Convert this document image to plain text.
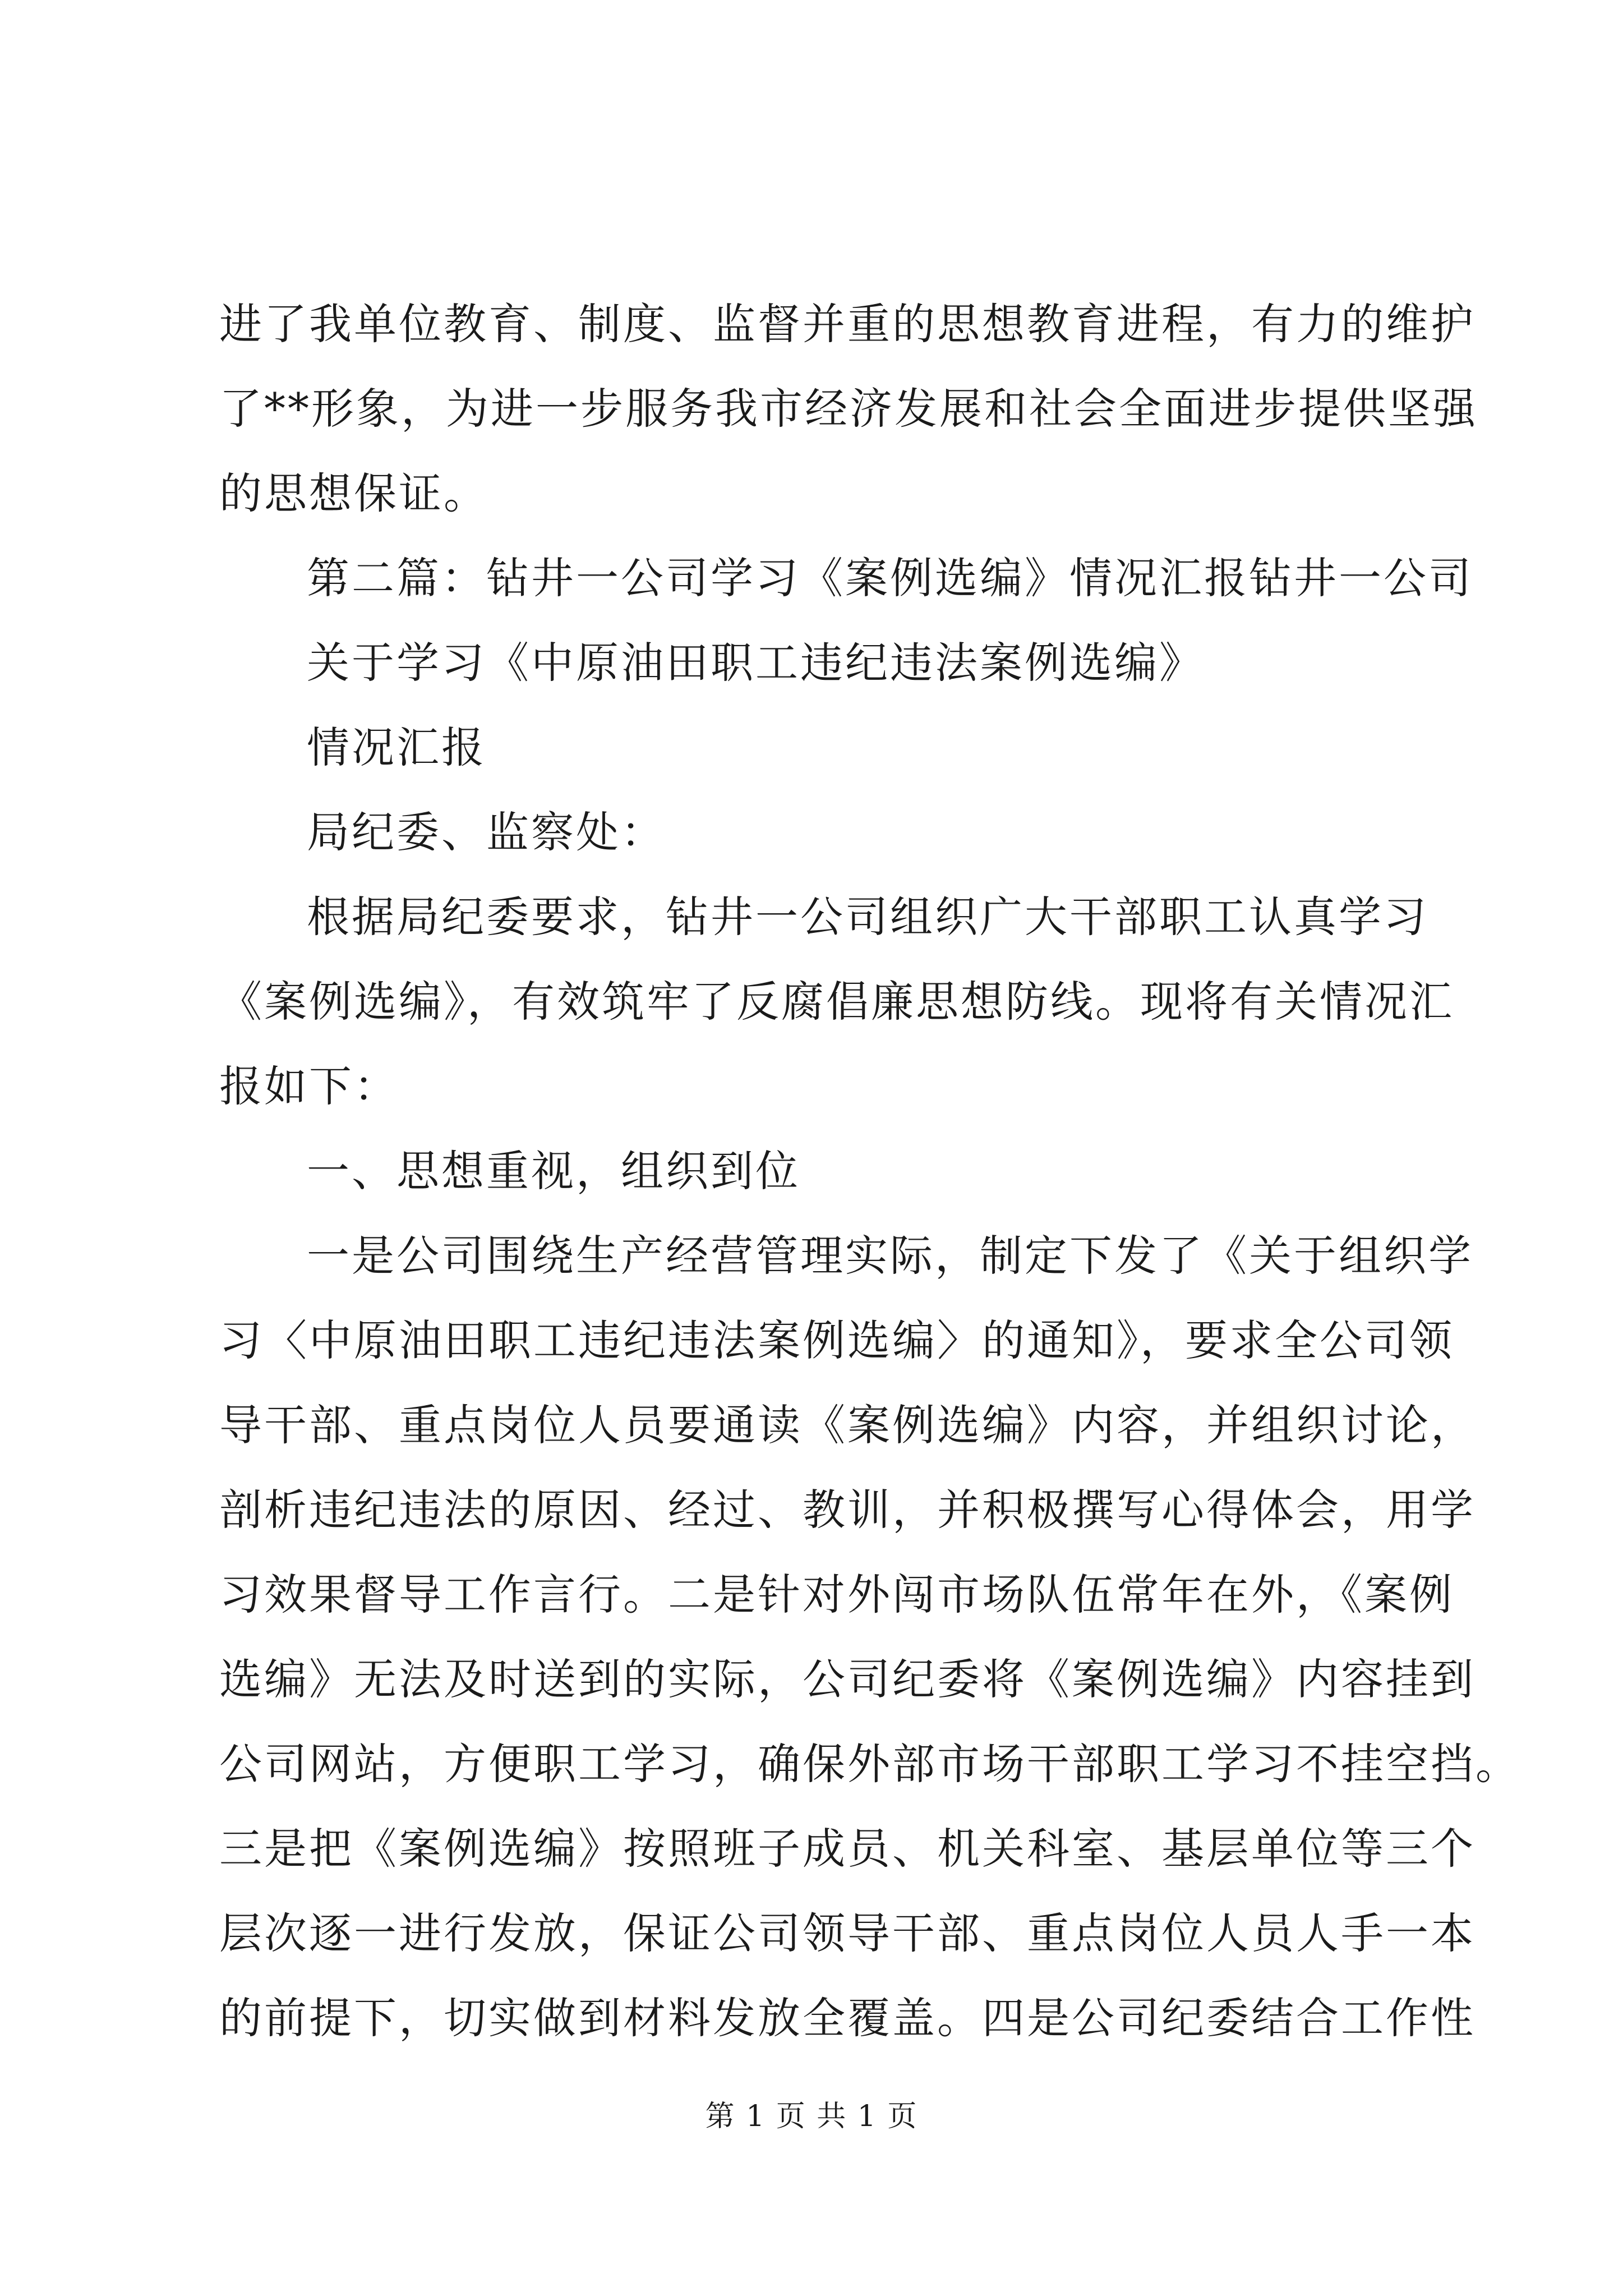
进了我单位教育、制度、监督并重的思想教育进程，有力的维护
了**形象，为进一步服务我市经济发展和社会全面进步提供坚强
的思想保证。
第二篇：钻井一公司学习《案例选编》情况汇报钻井一公司
关于学习《中原油田职工违纪违法案例选编》
情况汇报
局纪委、监察处：
根据局纪委要求，钻井一公司组织广大干部职工认真学习
《案例选编》，有效筑牢了反腐倡廉思想防线。现将有关情况汇
报如下：
一、思想重视，组织到位
一是公司围绕生产经营管理实际，制定下发了《关于组织学
习〈中原油田职工违纪违法案例选编〉的通知》，要求全公司领
导干部、重点岗位人员要通读《案例选编》内容，并组织讨论，
剖析违纪违法的原因、经过、教训，并积极撰写心得体会，用学
习效果督导工作言行。二是针对外闯市场队伍常年在外，《案例
选编》无法及时送到的实际，公司纪委将《案例选编》内容挂到
公司网站，方便职工学习，确保外部市场干部职工学习不挂空挡。
三是把《案例选编》按照班子成员、机关科室、基层单位等三个
层次逐一进行发放，保证公司领导干部、重点岗位人员人手一本
的前提下，切实做到材料发放全覆盖。四是公司纪委结合工作性
第 1 页 共 1 页
